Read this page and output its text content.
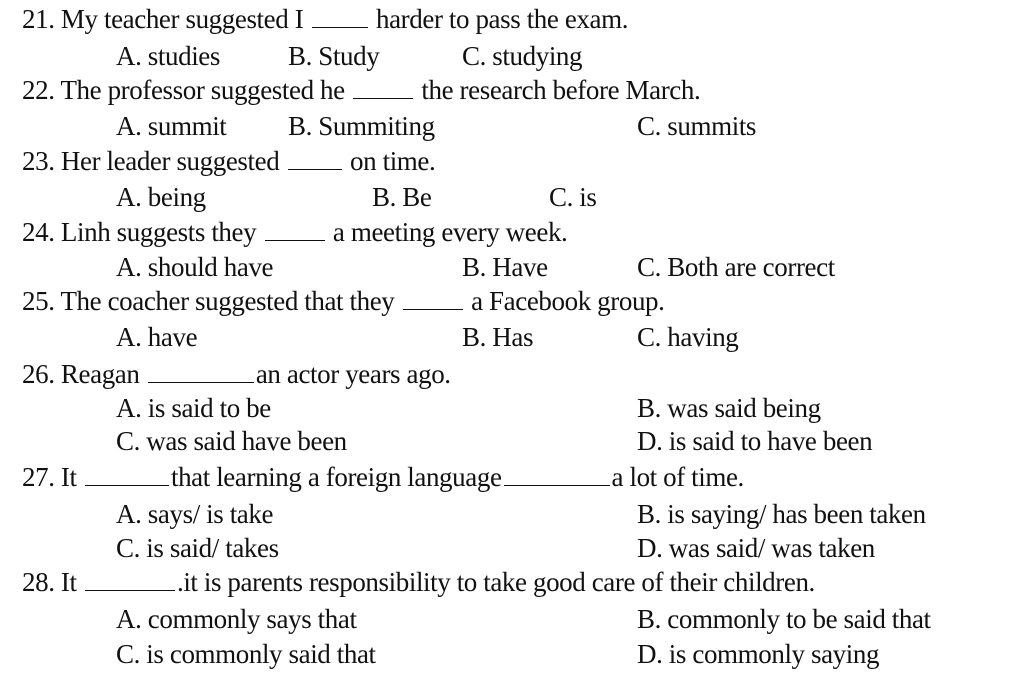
21. My teacher suggested I  harder to pass the exam.
A. studies	B. Study	C. studying
22. The professor suggested he  the research before March.
A. summit B. Summiting	C. summits
23. Her leader suggested  on time.
A. being	B. Be	C. is
24. Linh suggests they  a meeting every week.
A. should have	B. Have	C. Both are correct
25. The coacher suggested that they  a Facebook group.
A. have	B. Has	C. having
26. Reagan	an actor years ago.
A. is said to be	B. was said being
C. was said have been	D. is said to have been
27. It	that learning a foreign language	a lot of time.
A. says/ is take	B. is saying/ has been taken
C. is said/ takes	D. was said/ was taken
28. It	.it is parents responsibility to take good care of their children.
A. commonly says that	B. commonly to be said that
C. is commonly said that	D. is commonly saying
